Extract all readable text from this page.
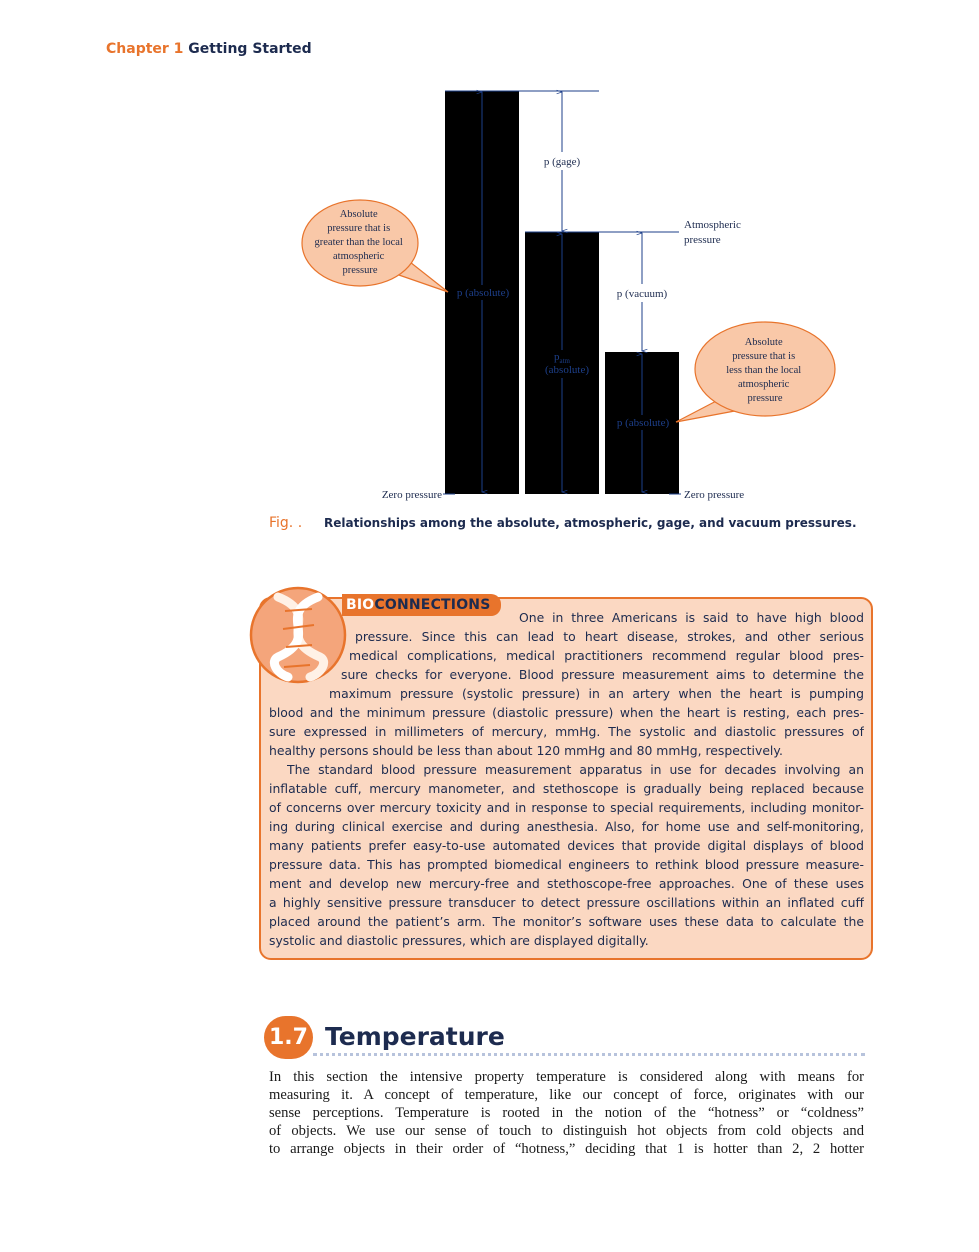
Chapter 1 Getting Started
p (gage)
p (vacuum)
p (absolute)
$p_{atm}$
(absolute)
p (absolute)
Atmospheric
pressure
Zero pressure	Zero pressure
Absolute pressure that is greater than the local atmospheric pressure
Absolute pressure that is less than the local atmospheric pressure
Fig. . Relationships among the absolute, atmospheric, gage, and vacuum pressures.
BIOCONNECTIONS
One in three Americans is said to have high blood
pressure. Since this can lead to heart disease, strokes, and other serious
medical complications, medical practitioners recommend regular blood pres-
sure checks for everyone. Blood pressure measurement aims to determine the
maximum pressure (systolic pressure) in an artery when the heart is pumping
blood and the minimum pressure (diastolic pressure) when the heart is resting, each pres-
sure expressed in millimeters of mercury, mmHg. The systolic and diastolic pressures of
healthy persons should be less than about 120 mmHg and 80 mmHg, respectively.
The standard blood pressure measurement apparatus in use for decades involving an
inflatable cuff, mercury manometer, and stethoscope is gradually being replaced because
of concerns over mercury toxicity and in response to special requirements, including monitor-
ing during clinical exercise and during anesthesia. Also, for home use and self-monitoring,
many patients prefer easy-to-use automated devices that provide digital displays of blood
pressure data. This has prompted biomedical engineers to rethink blood pressure measure-
ment and develop new mercury-free and stethoscope-free approaches. One of these uses
a highly sensitive pressure transducer to detect pressure oscillations within an inflated cuff
placed around the patient’s arm. The monitor’s software uses these data to calculate the
systolic and diastolic pressures, which are displayed digitally.
1.7 Temperature
In this section the intensive property temperature is considered along with means for
measuring it. A concept of temperature, like our concept of force, originates with our
sense perceptions. Temperature is rooted in the notion of the “hotness” or “coldness”
of objects. We use our sense of touch to distinguish hot objects from cold objects and
to arrange objects in their order of “hotness,” deciding that 1 is hotter than 2, 2 hotter
